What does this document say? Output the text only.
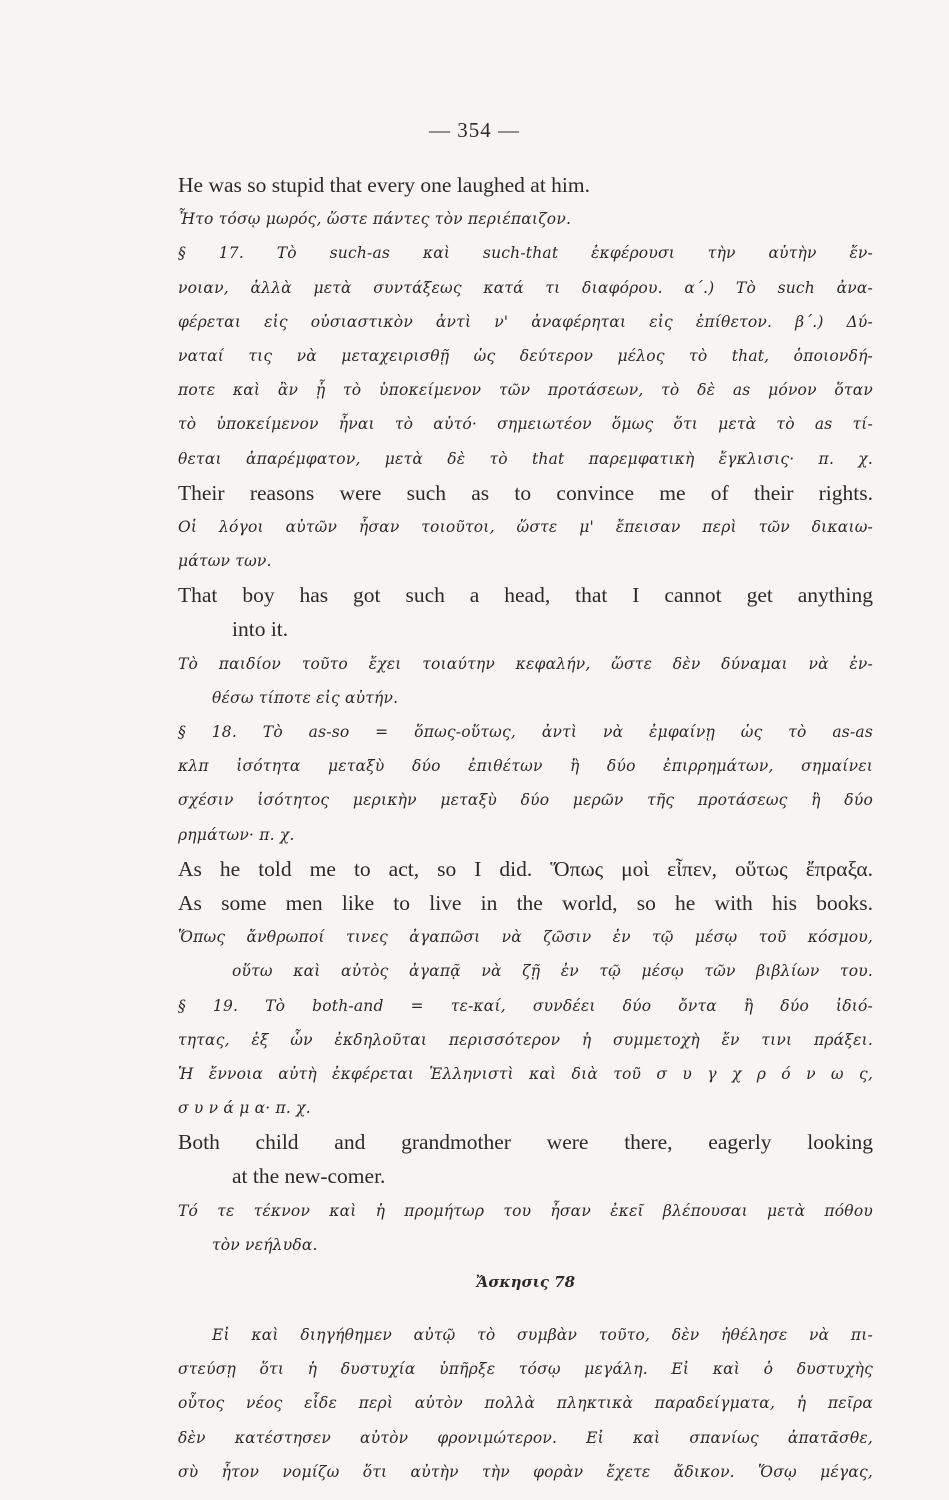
— 354 —
He was so stupid that every one laughed at him.
Ἦτο τόσῳ μωρός, ὥστε πάντες τὸν περιέπαιζον.
§ 17. Τὸ such-as καὶ such-that ἐκφέρουσι τὴν αὐτὴν ἔν-
νοιαν, ἀλλὰ μετὰ συντάξεως κατά τι διαφόρου. α΄.) Τὸ such ἀνα-
φέρεται εἰς οὐσιαστικὸν ἀντὶ ν' ἀναφέρηται εἰς ἐπίθετον. β΄.) Δύ-
ναταί τις νὰ μεταχειρισθῇ ὡς δεύτερον μέλος τὸ that, ὁποιονδή-
ποτε καὶ ἂν ᾖ τὸ ὑποκείμενον τῶν προτάσεων, τὸ δὲ as μόνον ὅταν
τὸ ὑποκείμενον ἦναι τὸ αὐτό· σημειωτέον ὅμως ὅτι μετὰ τὸ as τί-
θεται ἀπαρέμφατον, μετὰ δὲ τὸ that παρεμφατικὴ ἔγκλισις· π. χ.
Their reasons were such as to convince me of their rights.
Οἱ λόγοι αὐτῶν ἦσαν τοιοῦτοι, ὥστε μ' ἔπεισαν περὶ τῶν δικαιω-
μάτων των.
That boy has got such a head, that I cannot get anything
into it.
Τὸ παιδίον τοῦτο ἔχει τοιαύτην κεφαλήν, ὥστε δὲν δύναμαι νὰ ἐν-
θέσω τίποτε εἰς αὐτήν.
§ 18. Τὸ as-so = ὅπως-οὕτως, ἀντὶ νὰ ἐμφαίνῃ ὡς τὸ as-as
κλπ ἰσότητα μεταξὺ δύο ἐπιθέτων ἢ δύο ἐπιρρημάτων, σημαίνει
σχέσιν ἰσότητος μερικὴν μεταξὺ δύο μερῶν τῆς προτάσεως ἢ δύο
ρημάτων· π. χ.
As he told me to act, so I did. Ὅπως μοὶ εἶπεν, οὕτως ἔπραξα.
As some men like to live in the world, so he with his books.
Ὅπως ἄνθρωποί τινες ἀγαπῶσι νὰ ζῶσιν ἐν τῷ μέσῳ τοῦ κόσμου,
οὕτω καὶ αὐτὸς ἀγαπᾷ νὰ ζῇ ἐν τῷ μέσῳ τῶν βιβλίων του.
§ 19. Τὸ both-and = τε-καί, συνδέει δύο ὄντα ἢ δύο ἰδιό-
τητας, ἐξ ὧν ἐκδηλοῦται περισσότερον ἡ συμμετοχὴ ἔν τινι πράξει.
Ἡ ἔννοια αὐτὴ ἐκφέρεται Ἑλληνιστὶ καὶ διὰ τοῦ σ υ γ χ ρ ό ν ω ς,
σ υ ν ά μ α· π. χ.
Both child and grandmother were there, eagerly looking
at the new-comer.
Τό τε τέκνον καὶ ἡ προμήτωρ του ἦσαν ἐκεῖ βλέπουσαι μετὰ πόθου
τὸν νεήλυδα.
Ἄσκησις 78
Εἰ καὶ διηγήθημεν αὐτῷ τὸ συμβὰν τοῦτο, δὲν ἠθέλησε νὰ πι-
στεύσῃ ὅτι ἡ δυστυχία ὑπῆρξε τόσῳ μεγάλη. Εἰ καὶ ὁ δυστυχὴς
οὗτος νέος εἶδε περὶ αὐτὸν πολλὰ πληκτικὰ παραδείγματα, ἡ πεῖρα
δὲν κατέστησεν αὐτὸν φρονιμώτερον. Εἰ καὶ σπανίως ἀπατᾶσθε,
σὺ ἦτον νομίζω ὅτι αὐτὴν τὴν φορὰν ἔχετε ἄδικον. Ὅσῳ μέγας,
